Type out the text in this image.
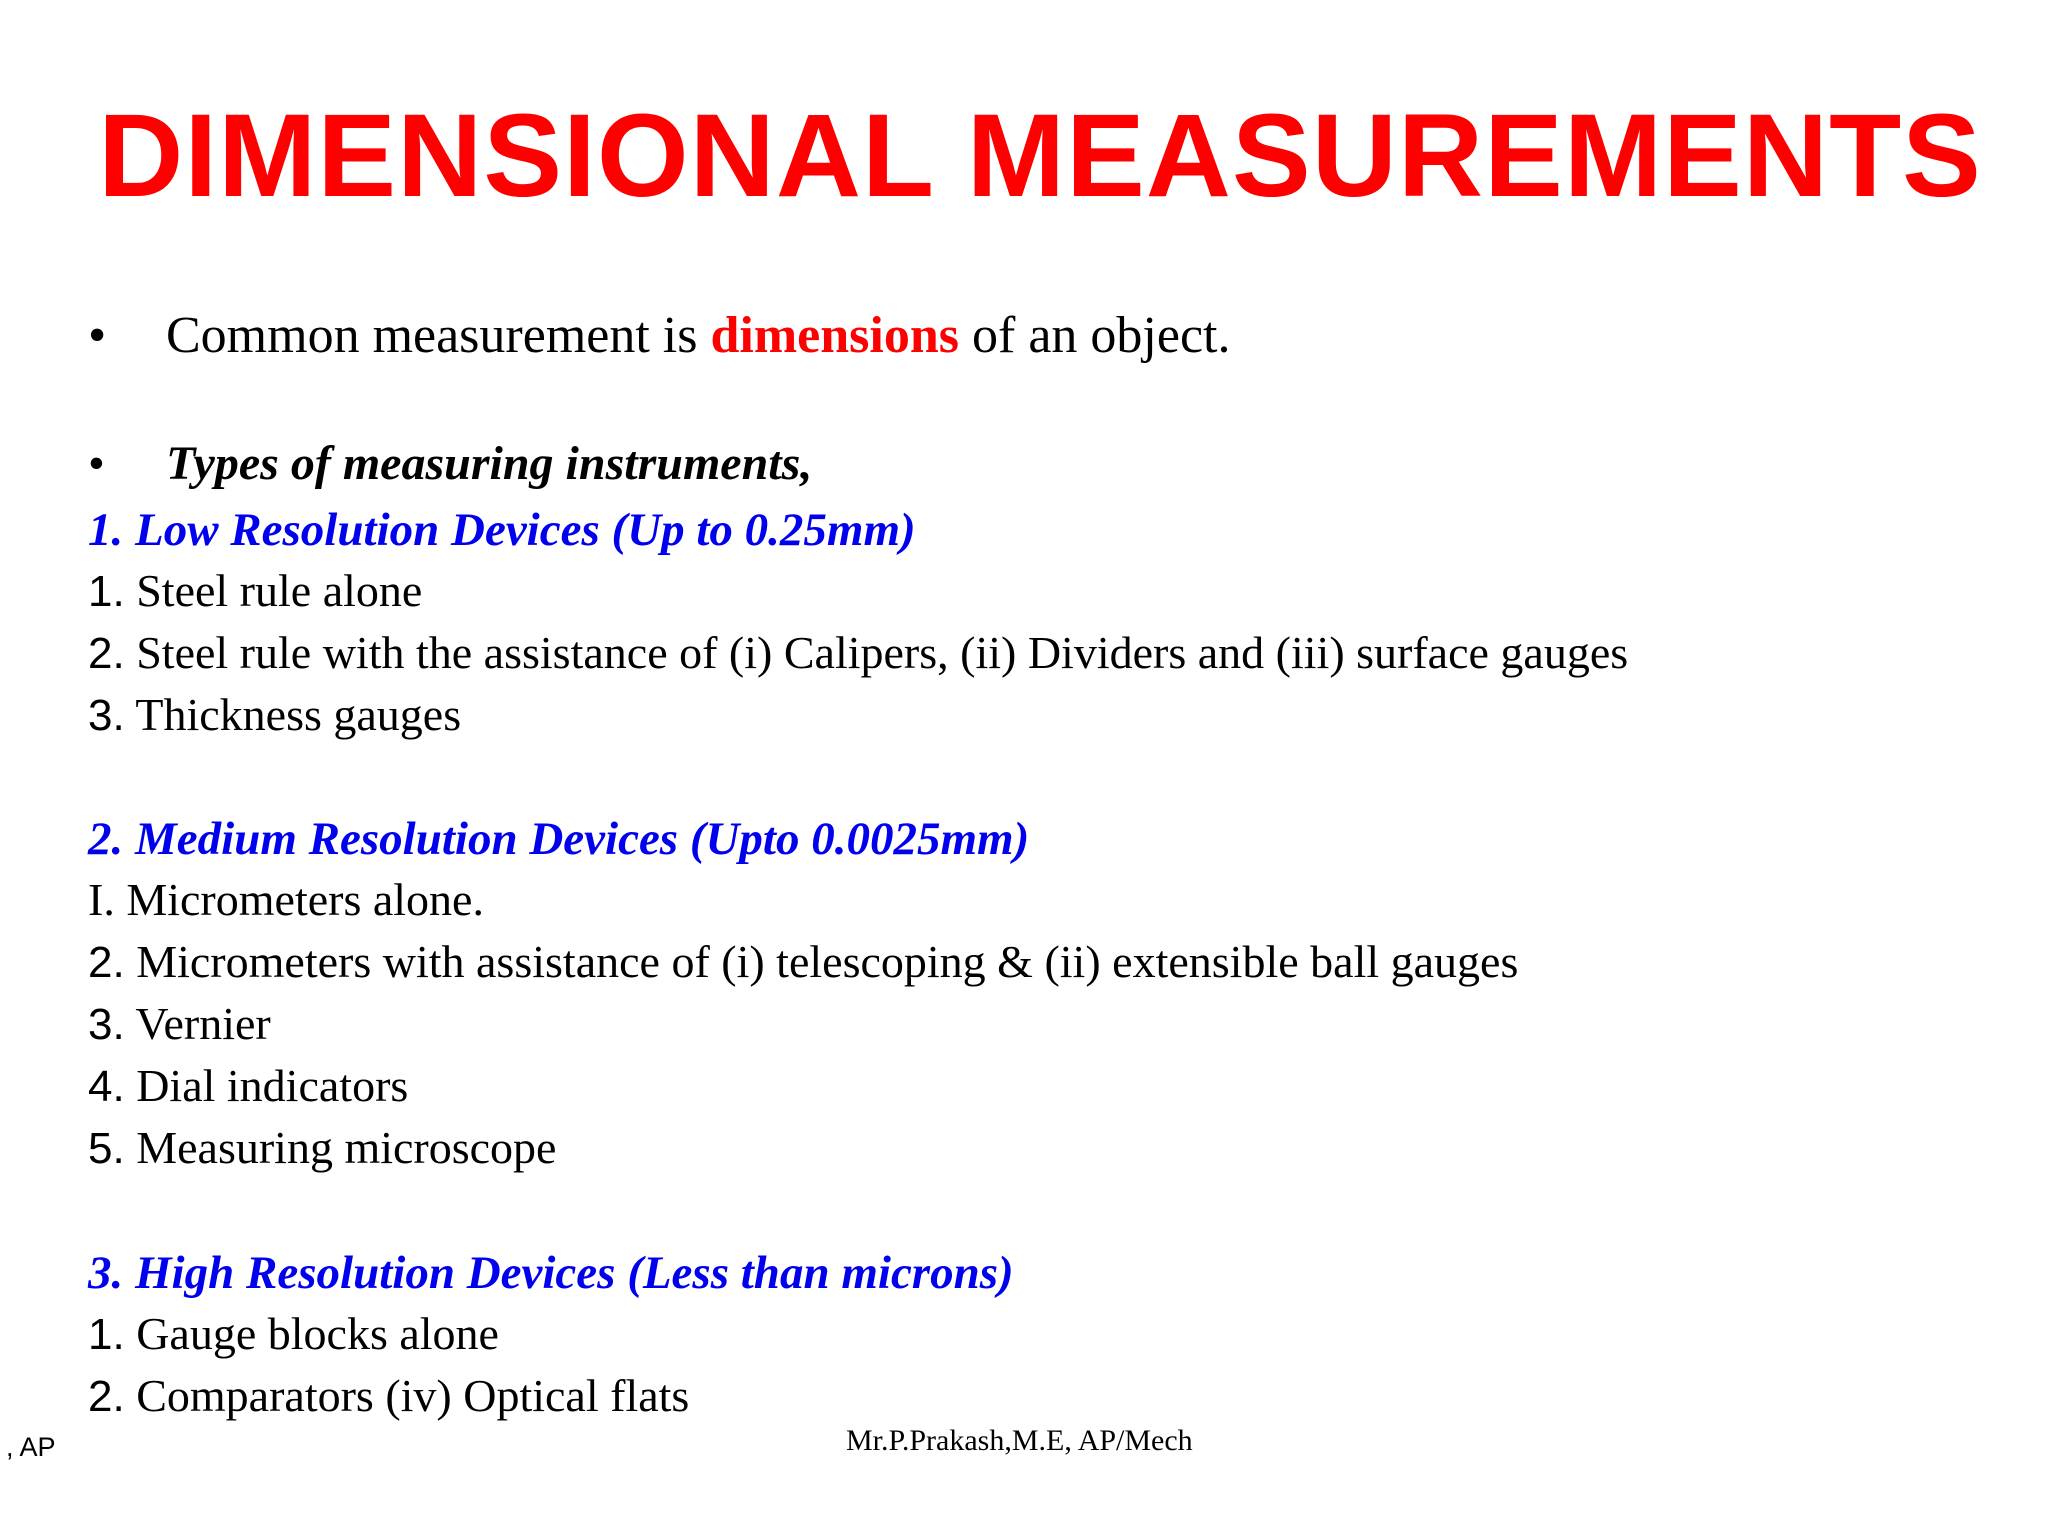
DIMENSIONAL MEASUREMENTS
• Common measurement is dimensions of an object.
• Types of measuring instruments,
1. Low Resolution Devices (Up to 0.25mm)
1. Steel rule alone
2. Steel rule with the assistance of (i) Calipers, (ii) Dividers and (iii) surface gauges
3. Thickness gauges
2. Medium Resolution Devices (Upto 0.0025mm)
I. Micrometers alone.
2. Micrometers with assistance of (i) telescoping & (ii) extensible ball gauges
3. Vernier
4. Dial indicators
5. Measuring microscope
3. High Resolution Devices (Less than microns)
1. Gauge blocks alone
2. Comparators (iv) Optical flats
, AP	Mr.P.Prakash,M.E, AP/Mech
